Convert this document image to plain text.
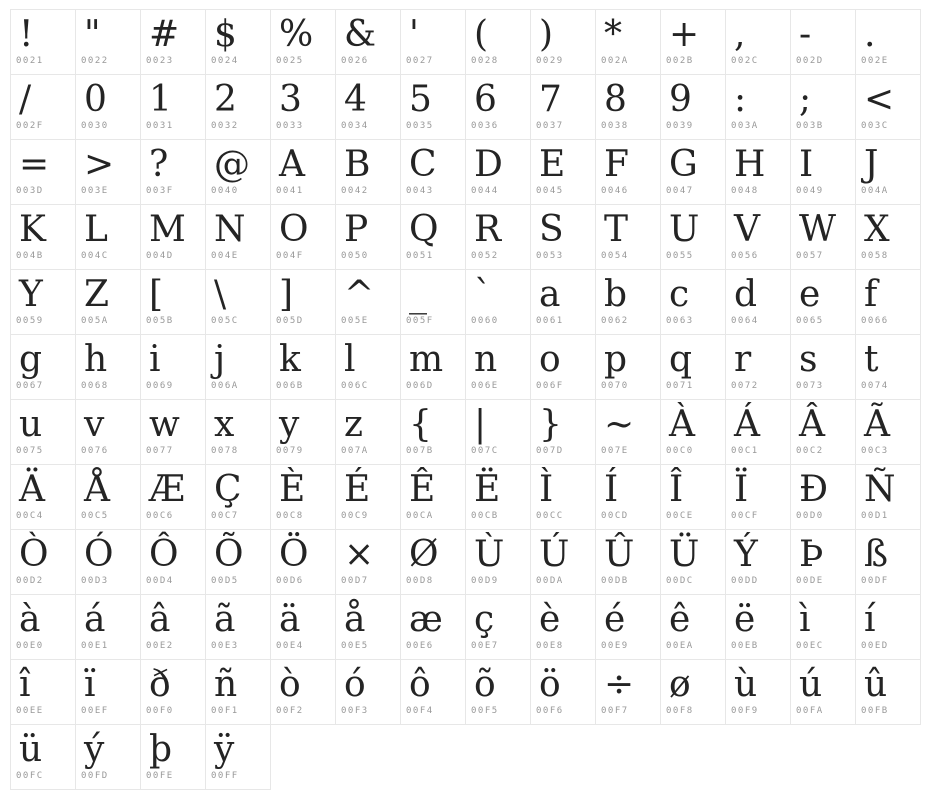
!
0021
"
0022
#
0023
$
0024
%
0025
&
0026
'
0027
(
0028
)
0029
*
002A
+
002B
,
002C
-
002D
.
002E
/
002F
0
0030
1
0031
2
0032
3
0033
4
0034
5
0035
6
0036
7
0037
8
0038
9
0039
:
003A
;
003B
<
003C
=
003D
>
003E
?
003F
@
0040
A
0041
B
0042
C
0043
D
0044
E
0045
F
0046
G
0047
H
0048
I
0049
J
004A
K
004B
L
004C
M
004D
N
004E
O
004F
P
0050
Q
0051
R
0052
S
0053
T
0054
U
0055
V
0056
W
0057
X
0058
Y
0059
Z
005A
[
005B
\
005C
]
005D
^
005E
_
005F
`
0060
a
0061
b
0062
c
0063
d
0064
e
0065
f
0066
g
0067
h
0068
i
0069
j
006A
k
006B
l
006C
m
006D
n
006E
o
006F
p
0070
q
0071
r
0072
s
0073
t
0074
u
0075
v
0076
w
0077
x
0078
y
0079
z
007A
{
007B
|
007C
}
007D
~
007E
À
00C0
Á
00C1
Â
00C2
Ã
00C3
Ä
00C4
Å
00C5
Æ
00C6
Ç
00C7
È
00C8
É
00C9
Ê
00CA
Ë
00CB
Ì
00CC
Í
00CD
Î
00CE
Ï
00CF
Ð
00D0
Ñ
00D1
Ò
00D2
Ó
00D3
Ô
00D4
Õ
00D5
Ö
00D6
×
00D7
Ø
00D8
Ù
00D9
Ú
00DA
Û
00DB
Ü
00DC
Ý
00DD
Þ
00DE
ß
00DF
à
00E0
á
00E1
â
00E2
ã
00E3
ä
00E4
å
00E5
æ
00E6
ç
00E7
è
00E8
é
00E9
ê
00EA
ë
00EB
ì
00EC
í
00ED
î
00EE
ï
00EF
ð
00F0
ñ
00F1
ò
00F2
ó
00F3
ô
00F4
õ
00F5
ö
00F6
÷
00F7
ø
00F8
ù
00F9
ú
00FA
û
00FB
ü
00FC
ý
00FD
þ
00FE
ÿ
00FF
